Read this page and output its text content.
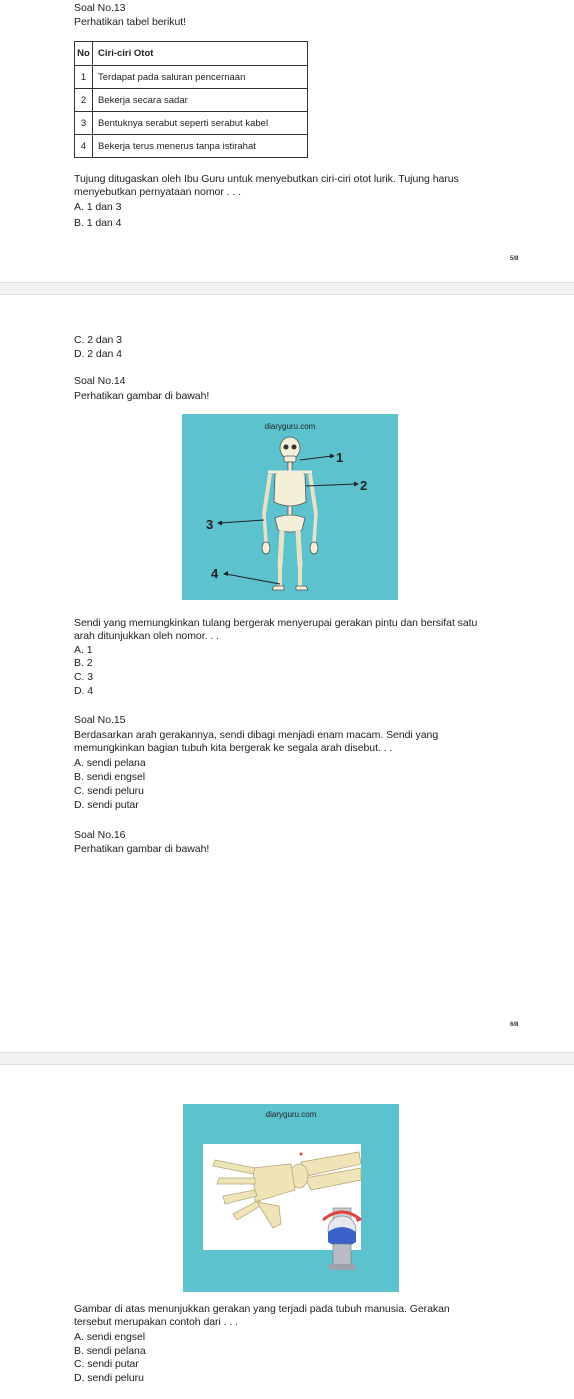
Soal No.13
Perhatikan tabel berikut!
No	Ciri-ciri Otot
1	Terdapat pada saluran pencernaan
2	Bekerja secara sadar
3	Bentuknya serabut seperti serabut kabel
4	Bekerja terus menerus tanpa istirahat
Tujung ditugaskan oleh Ibu Guru untuk menyebutkan ciri-ciri otot lurik. Tujung harus
menyebutkan pernyataan nomor . . .
A. 1 dan 3
B. 1 dan 4
5/8
C. 2 dan 3
D. 2 dan 4
Soal No.14
Perhatikan gambar di bawah!
Sendi yang memungkinkan tulang bergerak menyerupai gerakan pintu dan bersifat satu
arah ditunjukkan oleh nomor. . .
A. 1
B. 2
C. 3
D. 4
Soal No.15
Berdasarkan arah gerakannya, sendi dibagi menjadi enam macam. Sendi yang
memungkinkan bagian tubuh kita bergerak ke segala arah disebut. . .
A. sendi pelana
B. sendi engsel
C. sendi peluru
D. sendi putar
Soal No.16
Perhatikan gambar di bawah!
6/8
diaryguru.com
1
2
3
4
Gambar di atas menunjukkan gerakan yang terjadi pada tubuh manusia. Gerakan
tersebut merupakan contoh dari . . .
A. sendi engsel
B. sendi pelana
C. sendi putar
D. sendi peluru
diaryguru.com
